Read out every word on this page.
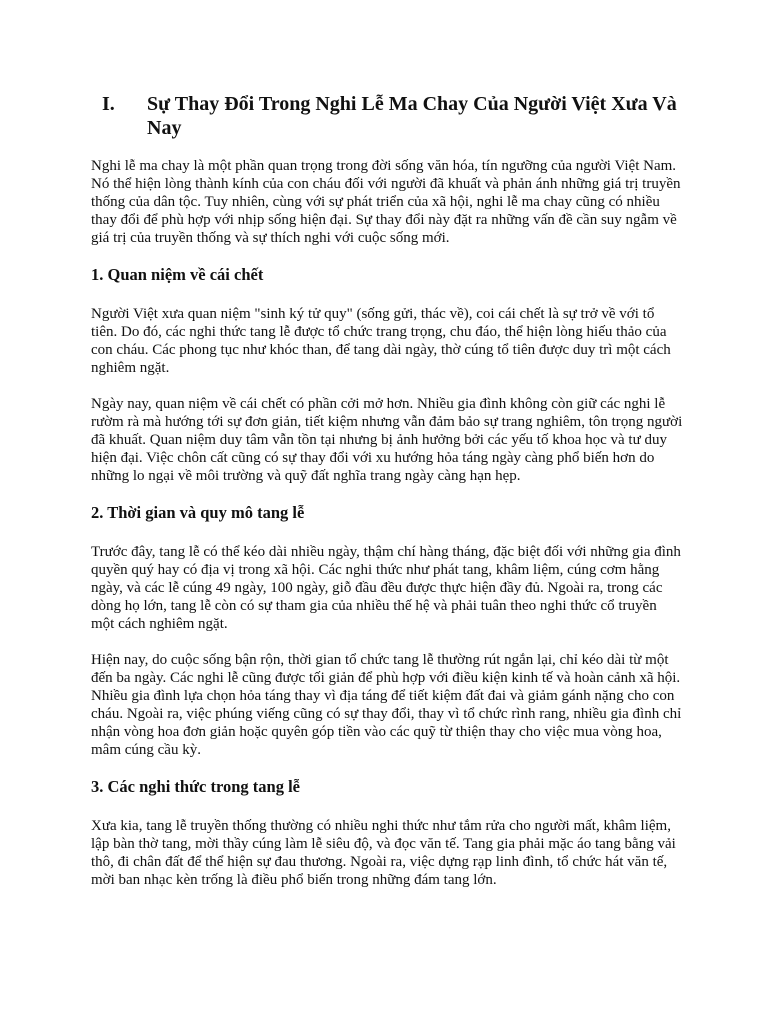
I.	Sự Thay Đổi Trong Nghi Lễ Ma Chay Của Người Việt Xưa Và Nay

Nghi lễ ma chay là một phần quan trọng trong đời sống văn hóa, tín ngưỡng của người Việt Nam. Nó thể hiện lòng thành kính của con cháu đối với người đã khuất và phản ánh những giá trị truyền thống của dân tộc. Tuy nhiên, cùng với sự phát triển của xã hội, nghi lễ ma chay cũng có nhiều thay đổi để phù hợp với nhịp sống hiện đại. Sự thay đổi này đặt ra những vấn đề cần suy ngẫm về giá trị của truyền thống và sự thích nghi với cuộc sống mới.

1. Quan niệm về cái chết

Người Việt xưa quan niệm "sinh ký tử quy" (sống gửi, thác về), coi cái chết là sự trở về với tổ tiên. Do đó, các nghi thức tang lễ được tổ chức trang trọng, chu đáo, thể hiện lòng hiếu thảo của con cháu. Các phong tục như khóc than, để tang dài ngày, thờ cúng tổ tiên được duy trì một cách nghiêm ngặt.

Ngày nay, quan niệm về cái chết có phần cởi mở hơn. Nhiều gia đình không còn giữ các nghi lễ rườm rà mà hướng tới sự đơn giản, tiết kiệm nhưng vẫn đảm bảo sự trang nghiêm, tôn trọng người đã khuất. Quan niệm duy tâm vẫn tồn tại nhưng bị ảnh hưởng bởi các yếu tố khoa học và tư duy hiện đại. Việc chôn cất cũng có sự thay đổi với xu hướng hỏa táng ngày càng phổ biến hơn do những lo ngại về môi trường và quỹ đất nghĩa trang ngày càng hạn hẹp.

2. Thời gian và quy mô tang lễ

Trước đây, tang lễ có thể kéo dài nhiều ngày, thậm chí hàng tháng, đặc biệt đối với những gia đình quyền quý hay có địa vị trong xã hội. Các nghi thức như phát tang, khâm liệm, cúng cơm hằng ngày, và các lễ cúng 49 ngày, 100 ngày, giỗ đầu đều được thực hiện đầy đủ. Ngoài ra, trong các dòng họ lớn, tang lễ còn có sự tham gia của nhiều thế hệ và phải tuân theo nghi thức cổ truyền một cách nghiêm ngặt.

Hiện nay, do cuộc sống bận rộn, thời gian tổ chức tang lễ thường rút ngắn lại, chỉ kéo dài từ một đến ba ngày. Các nghi lễ cũng được tối giản để phù hợp với điều kiện kinh tế và hoàn cảnh xã hội. Nhiều gia đình lựa chọn hỏa táng thay vì địa táng để tiết kiệm đất đai và giảm gánh nặng cho con cháu. Ngoài ra, việc phúng viếng cũng có sự thay đổi, thay vì tổ chức rình rang, nhiều gia đình chỉ nhận vòng hoa đơn giản hoặc quyên góp tiền vào các quỹ từ thiện thay cho việc mua vòng hoa, mâm cúng cầu kỳ.

3. Các nghi thức trong tang lễ

Xưa kia, tang lễ truyền thống thường có nhiều nghi thức như tắm rửa cho người mất, khâm liệm, lập bàn thờ tang, mời thầy cúng làm lễ siêu độ, và đọc văn tế. Tang gia phải mặc áo tang bằng vải thô, đi chân đất để thể hiện sự đau thương. Ngoài ra, việc dựng rạp linh đình, tổ chức hát văn tế, mời ban nhạc kèn trống là điều phổ biến trong những đám tang lớn.
